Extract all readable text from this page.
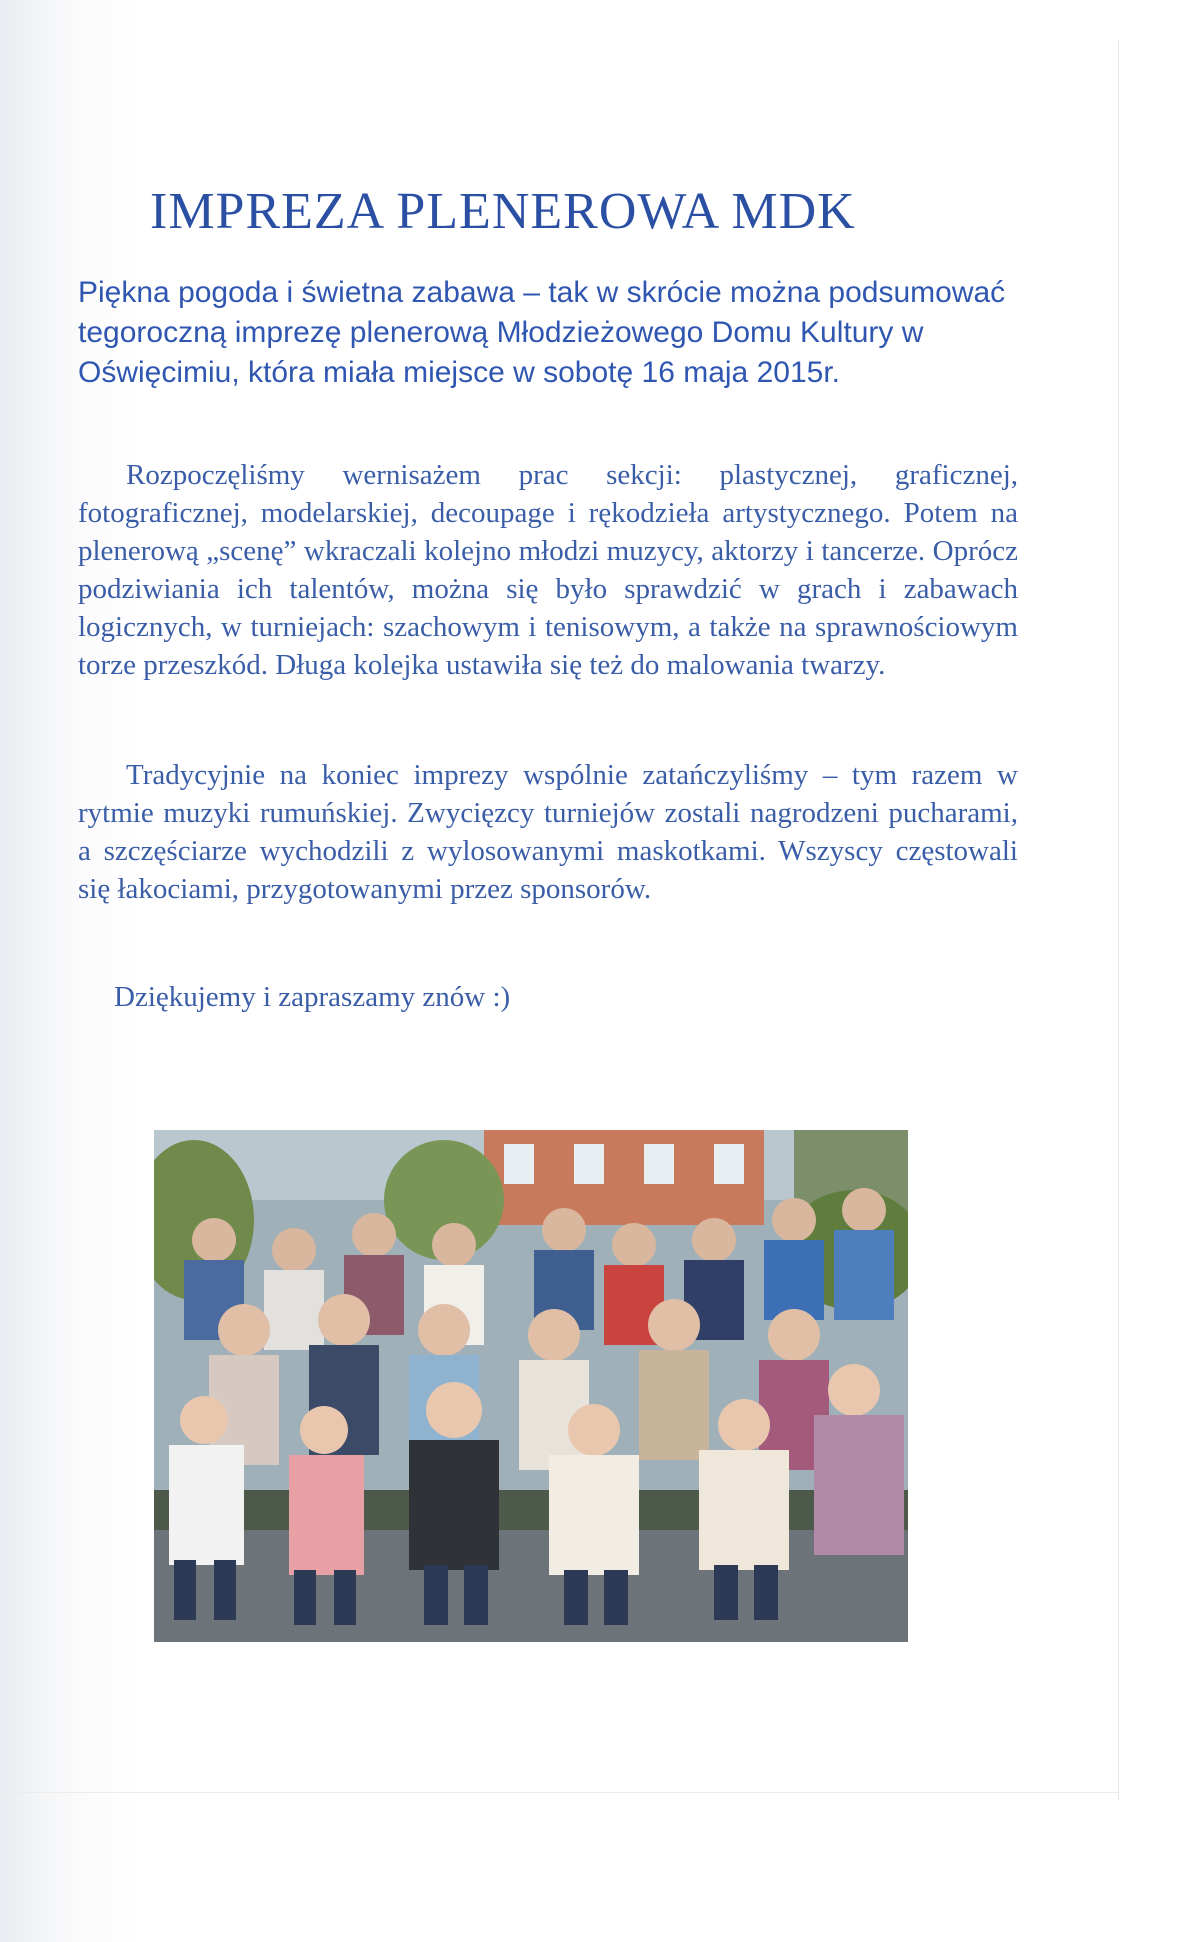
IMPREZA PLENEROWA MDK

Piękna pogoda i świetna zabawa – tak w skrócie można podsumować tegoroczną imprezę plenerową Młodzieżowego Domu Kultury w Oświęcimiu, która miała miejsce w sobotę 16 maja 2015r.

Rozpoczęliśmy wernisażem prac sekcji: plastycznej, graficznej, fotograficznej, modelarskiej, decoupage i rękodzieła artystycznego. Potem na plenerową „scenę” wkraczali kolejno młodzi muzycy, aktorzy i tancerze. Oprócz podziwiania ich talentów, można się było sprawdzić w grach i zabawach logicznych, w turniejach: szachowym i tenisowym, a także na sprawnościowym torze przeszkód. Długa kolejka ustawiła się też do malowania twarzy.

Tradycyjnie na koniec imprezy wspólnie zatańczyliśmy – tym razem w rytmie muzyki rumuńskiej. Zwycięzcy turniejów zostali nagrodzeni pucharami, a szczęściarze wychodzili z wylosowanymi maskotkami. Wszyscy częstowali się łakociami, przygotowanymi przez sponsorów.

Dziękujemy i zapraszamy znów :)
